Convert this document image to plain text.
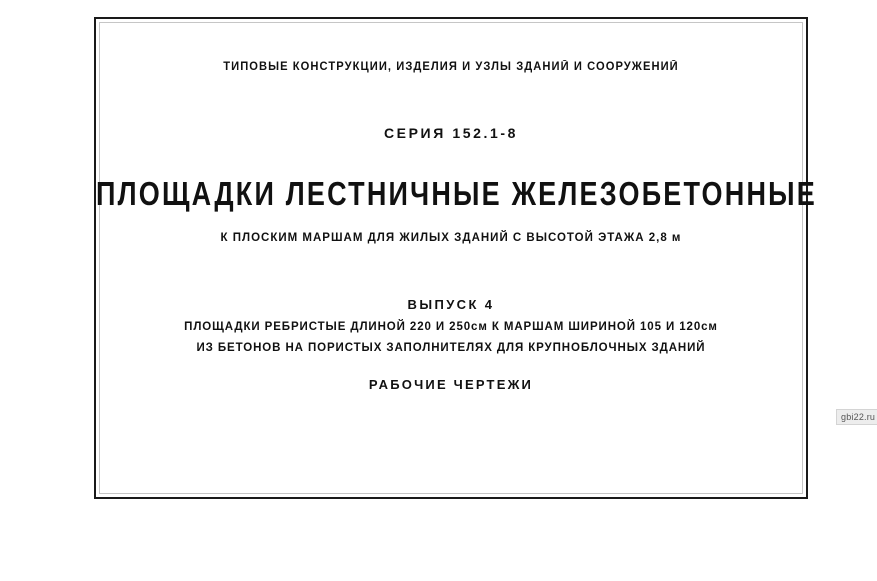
ТИПОВЫЕ КОНСТРУКЦИИ, ИЗДЕЛИЯ И УЗЛЫ ЗДАНИЙ И СООРУЖЕНИЙ
СЕРИЯ 152.1-8
ПЛОЩАДКИ ЛЕСТНИЧНЫЕ ЖЕЛЕЗОБЕТОННЫЕ
К ПЛОСКИМ МАРШАМ ДЛЯ ЖИЛЫХ ЗДАНИЙ С ВЫСОТОЙ ЭТАЖА 2,8 м
ВЫПУСК 4
ПЛОЩАДКИ РЕБРИСТЫЕ ДЛИНОЙ 220 И 250см К МАРШАМ ШИРИНОЙ 105 И 120см
ИЗ БЕТОНОВ НА ПОРИСТЫХ ЗАПОЛНИТЕЛЯХ ДЛЯ КРУПНОБЛОЧНЫХ ЗДАНИЙ
РАБОЧИЕ ЧЕРТЕЖИ
gbi22.ru
